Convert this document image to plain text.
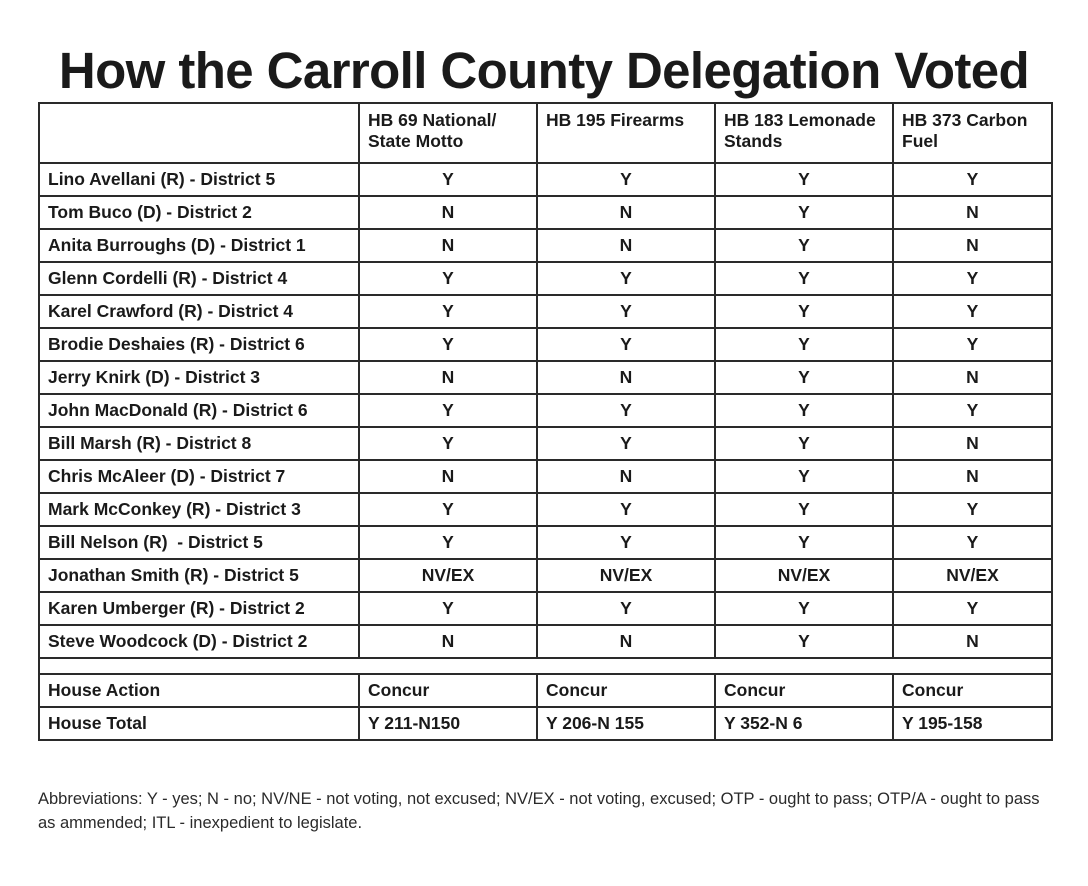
How the Carroll County Delegation Voted
	HB 69 National/ State Motto	HB 195 Firearms	HB 183 Lemonade Stands	HB 373 Carbon Fuel
Lino Avellani (R) - District 5	Y	Y	Y	Y
Tom Buco (D) - District 2	N	N	Y	N
Anita Burroughs (D) - District 1	N	N	Y	N
Glenn Cordelli (R) - District 4	Y	Y	Y	Y
Karel Crawford (R) - District 4	Y	Y	Y	Y
Brodie Deshaies (R) - District 6	Y	Y	Y	Y
Jerry Knirk (D) - District 3	N	N	Y	N
John MacDonald (R) - District 6	Y	Y	Y	Y
Bill Marsh (R) - District 8	Y	Y	Y	N
Chris McAleer (D) - District 7	N	N	Y	N
Mark McConkey (R) - District 3	Y	Y	Y	Y
Bill Nelson (R)  - District 5	Y	Y	Y	Y
Jonathan Smith (R) - District 5	NV/EX	NV/EX	NV/EX	NV/EX
Karen Umberger (R) - District 2	Y	Y	Y	Y
Steve Woodcock (D) - District 2	N	N	Y	N

House Action	Concur	Concur	Concur	Concur
House Total	Y 211-N150	Y 206-N 155	Y 352-N 6	Y 195-158

Abbreviations: Y - yes; N - no; NV/NE - not voting, not excused; NV/EX - not voting, excused; OTP - ought to pass; OTP/A - ought to pass as ammended; ITL - inexpedient to legislate.
